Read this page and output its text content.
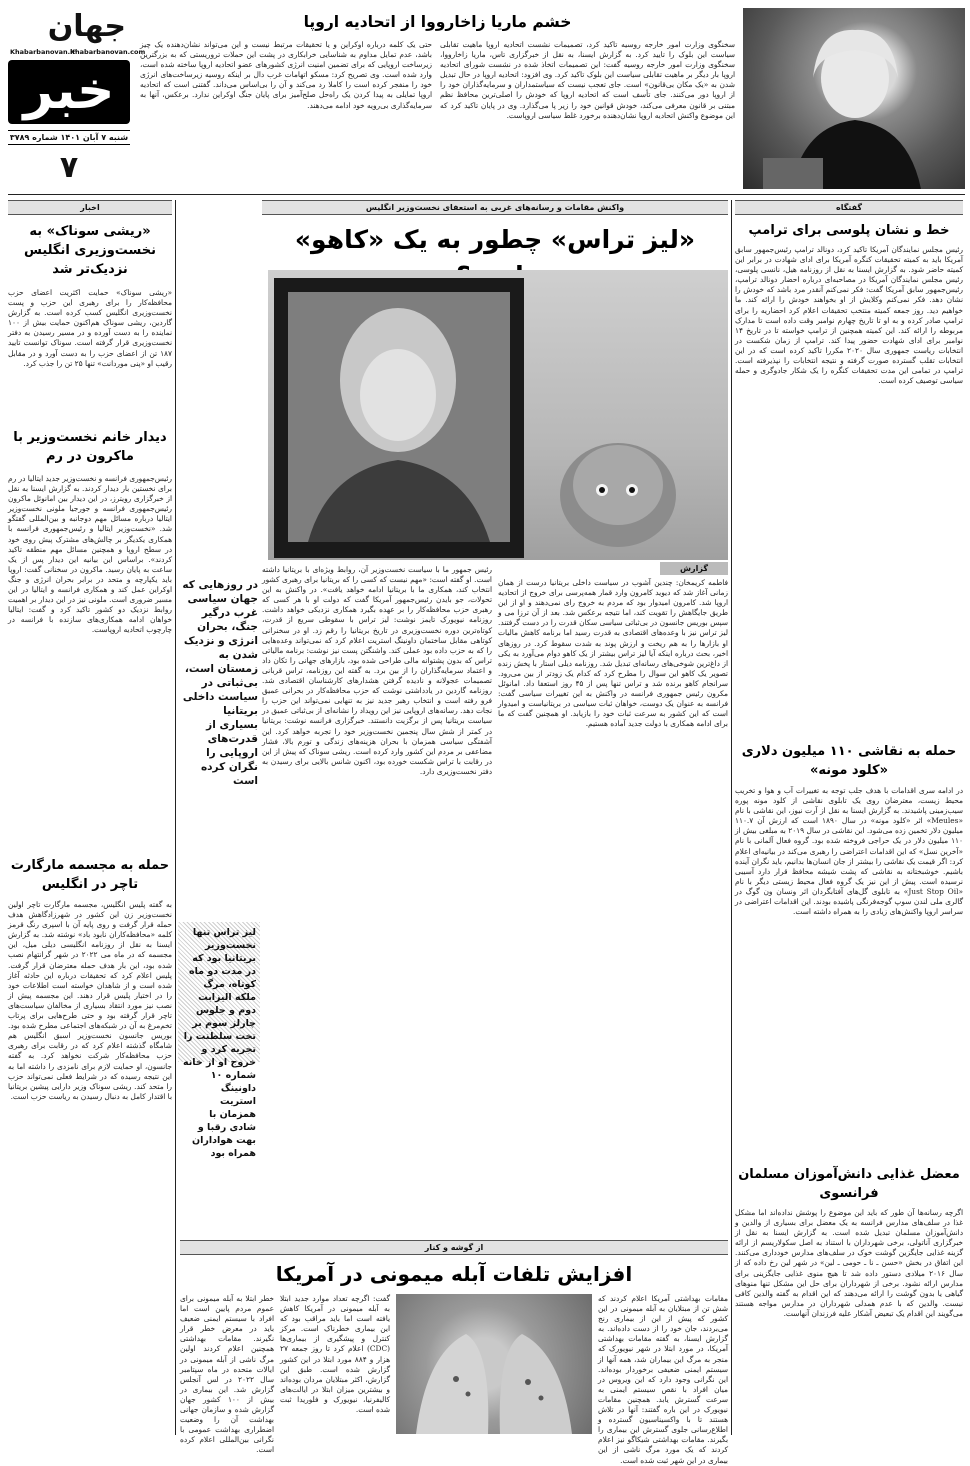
جهان
Khabarbanovan.ir
Khabarbanovan.com
خبر
شنبه ۷ آبان ۱۴۰۱ شماره ۳۷۸۹
۷
خشم ماریا زاخارووا از اتحادیه اروپا
سخنگوی وزارت امور خارجه روسیه تاکید کرد، تصمیمات نشست اتحادیه اروپا ماهیت تقابلی سیاست این بلوک را تایید کرد. به گزارش ایسنا، به نقل از خبرگزاری تاس، ماریا زاخارووا، سخنگوی وزارت امور خارجه روسیه گفت: این تصمیمات اتخاذ شده در نشست شورای اتحادیه اروپا بار دیگر بر ماهیت تقابلی سیاست این بلوک تاکید کرد. وی افزود: اتحادیه اروپا در حال تبدیل شدن به «یک مکان بی‌قانون» است. جای تعجب نیست که سیاستمداران و سرمایه‌گذاران خود را از اروپا دور می‌کنند. جای تأسف است که اتحادیه اروپا که خودش را اصلی‌ترین محافظ نظم مبتنی بر قانون معرفی می‌کند، خودش قوانین خود را زیر پا می‌گذارد. وی در پایان تاکید کرد که این موضوع واکنش اتحادیه اروپا نشان‌دهنده برخورد غلط سیاسی اروپاست.
حتی یک کلمه درباره اوکراین و یا تحقیقات مرتبط نیست و این می‌تواند نشان‌دهنده یک چیز باشد، عدم تمایل مداوم به شناسایی خرابکاری در پشت این حملات تروریستی که به بزرگترین زیرساخت اروپایی که برای تضمین امنیت انرژی کشورهای عضو اتحادیه اروپا ساخته شده است، وارد شده است. وی تصریح کرد: مسکو اتهامات غرب دال بر اینکه روسیه زیرساخت‌های انرژی خود را منفجر کرده است را کاملا رد می‌کند و آن را بی‌اساس می‌داند. گفتنی است که اتحادیه اروپا تمایلی به پیدا کردن یک راه‌حل صلح‌آمیز برای پایان جنگ اوکراین ندارد. برعکس، آنها به سرمایه‌گذاری بی‌رویه خود ادامه می‌دهند.
گفتگاه
خط و نشان پلوسی برای ترامپ
رئیس مجلس نمایندگان آمریکا تاکید کرد، دونالد ترامپ رئیس‌جمهور سابق آمریکا باید به کمیته تحقیقات کنگره آمریکا برای ادای شهادت در برابر این کمیته حاضر شود. به گزارش ایسنا به نقل از روزنامه هیل، نانسی پلوسی، رئیس مجلس نمایندگان آمریکا در مصاحبه‌ای درباره احضار دونالد ترامپ، رئیس‌جمهور سابق آمریکا گفت: فکر نمی‌کنم آنقدر مرد باشد که خودش را نشان دهد. فکر نمی‌کنم وکلایش از او بخواهند خودش را ارائه کند. ما خواهیم دید. روز جمعه کمیته منتخب تحقیقات اعلام کرد احضاریه را برای ترامپ صادر کرده و به او تا تاریخ چهارم نوامبر وقت داده است تا مدارک مربوطه را ارائه کند. این کمیته همچنین از ترامپ خواسته تا در تاریخ ۱۴ نوامبر برای ادای شهادت حضور پیدا کند. ترامپ از زمان شکست در انتخابات ریاست جمهوری سال ۲۰۲۰ مکررا تاکید کرده است که در این انتخابات تقلب گسترده صورت گرفته و نتیجه انتخابات را نپذیرفته است. ترامپ در تمامی این مدت تحقیقات کنگره را یک شکار جادوگری و حمله سیاسی توصیف کرده است.
حمله به نقاشی ۱۱۰ میلیون دلاری «کلود مونه»
در ادامه سری اقدامات با هدف جلب توجه به تغییرات آب و هوا و تخریب محیط زیست، معترضان روی یک تابلوی نقاشی از کلود مونه پوره سیب‌زمینی پاشیدند. به گزارش ایسنا به نقل از آرت نیوز، این نقاشی با نام «Meules» اثر «کلود مونه» در سال ۱۸۹۰ است که ارزش آن ۱۱۰.۷ میلیون دلار تخمین زده می‌شود. این نقاشی در سال ۲۰۱۹ به مبلغی بیش از ۱۱۰ میلیون دلار در یک حراجی فروخته شده بود. گروه فعال آلمانی با نام «آخرین نسل» که این اقدامات اعتراضی را رهبری می‌کند در بیانیه‌ای اعلام کرد: اگر قیمت یک نقاشی را بیشتر از جان انسان‌ها بدانیم، باید نگران آینده باشیم. خوشبختانه به نقاشی که پشت شیشه محافظ قرار دارد آسیبی نرسیده است. پیش از این نیز یک گروه فعال محیط زیستی دیگر با نام «Just Stop Oil» به تابلوی گل‌های آفتابگردان اثر ونسان ون گوگ در گالری ملی لندن سوپ گوجه‌فرنگی پاشیده بودند. این اقدامات اعتراضی در سراسر اروپا واکنش‌های زیادی را به همراه داشته است.
معضل غذایی دانش‌آموزان مسلمان فرانسوی
اگرچه رسانه‌ها آن طور که باید این موضوع را پوشش نداده‌اند اما مشکل غذا در سلف‌های مدارس فرانسه به یک معضل برای بسیاری از والدین و دانش‌آموزان مسلمان تبدیل شده است. به گزارش ایسنا به نقل از خبرگزاری آناتولی، برخی شهرداران با استناد به اصل سکولاریسم از ارائه گزینه غذایی جایگزین گوشت خوک در سلف‌های مدارس خودداری می‌کنند. این اتفاق در بخش «حسن ـ نا ـ حومی ـ لین» در شهر لین رخ داده که از سال ۲۰۱۶ میلادی دستور داده شد تا هیچ منوی غذایی جایگزینی برای مدارس ارائه نشود. برخی از شهرداران برای حل این مشکل تنها منوهای گیاهی یا بدون گوشت را ارائه می‌دهند که این اقدام به گفته والدین کافی نیست. والدین که با عدم همدلی شهرداران در مدارس مواجه هستند می‌گویند این اقدام یک تبعیض آشکار علیه فرزندان آنهاست.
واکنش مقامات و رسانه‌های غربی به استعفای نخست‌وزیر انگلیس
«لیز تراس» چطور به یک «کاهو»
گزارش
فاطمه کریمخان: چندین آشوب در سیاست داخلی بریتانیا درست از همان زمانی آغاز شد که دیوید کامرون وارد قمار همه‌پرسی برای خروج از اتحادیه اروپا شد. کامرون امیدوار بود که مردم به خروج رای نمی‌دهند و او از این طریق جایگاهش را تقویت کند، اما نتیجه برعکس شد. بعد از آن ترزا می و سپس بوریس جانسون در بی‌ثباتی سیاسی سکان قدرت را در دست گرفتند. لیز تراس نیز با وعده‌های اقتصادی به قدرت رسید اما برنامه کاهش مالیات او بازارها را به هم ریخت و ارزش پوند به شدت سقوط کرد. در روزهای اخیر، بحث درباره اینکه آیا لیز تراس بیشتر از یک کاهو دوام می‌آورد به یکی از داغ‌ترین شوخی‌های رسانه‌ای تبدیل شد. روزنامه دیلی استار با پخش زنده تصویر یک کاهو این سوال را مطرح کرد که کدام یک زودتر از بین می‌رود. سرانجام کاهو برنده شد و تراس تنها پس از ۴۵ روز استعفا داد. امانوئل مکرون رئیس جمهوری فرانسه در واکنش به این تغییرات سیاسی گفت: فرانسه به عنوان یک دوست، خواهان ثبات سیاسی در بریتانیاست و امیدوار است که این کشور به سرعت ثبات خود را بازیابد. او همچنین گفت که ما برای ادامه همکاری با دولت جدید آماده هستیم.
رئیس جمهور ما با سیاست نخست‌وزیر آن، روابط ویژه‌ای با بریتانیا داشته است. او گفته است: «مهم نیست که کسی را که بریتانیا برای رهبری کشور انتخاب کند، همکاری ما با بریتانیا ادامه خواهد یافت». در واکنش به این تحولات، جو بایدن رئیس‌جمهور آمریکا گفت که دولت او با هر کسی که رهبری حزب محافظه‌کار را بر عهده بگیرد همکاری نزدیکی خواهد داشت. روزنامه نیویورک تایمز نوشت: لیز تراس با سقوطی سریع از قدرت، کوتاه‌ترین دوره نخست‌وزیری در تاریخ بریتانیا را رقم زد. او در سخنرانی کوتاهی مقابل ساختمان داونینگ استریت اعلام کرد که نمی‌تواند وعده‌هایی را که به حزب داده بود عملی کند. واشنگتن پست نیز نوشت: برنامه مالیاتی تراس که بدون پشتوانه مالی طراحی شده بود، بازارهای جهانی را تکان داد و اعتماد سرمایه‌گذاران را از بین برد. به گفته این روزنامه، تراس قربانی تصمیمات عجولانه و نادیده گرفتن هشدارهای کارشناسان اقتصادی شد. روزنامه گاردین در یادداشتی نوشت که حزب محافظه‌کار در بحرانی عمیق فرو رفته است و انتخاب رهبر جدید نیز به تنهایی نمی‌تواند این حزب را نجات دهد. رسانه‌های اروپایی نیز این رویداد را نشانه‌ای از بی‌ثباتی عمیق در سیاست بریتانیا پس از برگزیت دانستند. خبرگزاری فرانسه نوشت: بریتانیا در کمتر از شش سال پنجمین نخست‌وزیر خود را تجربه خواهد کرد. این آشفتگی سیاسی همزمان با بحران هزینه‌های زندگی و تورم بالا، فشار مضاعفی بر مردم این کشور وارد کرده است. ریشی سوناک که پیش از این در رقابت با تراس شکست خورده بود، اکنون شانس بالایی برای رسیدن به دفتر نخست‌وزیری دارد.
در روزهایی که جهان سیاسی غرب درگیر جنگ، بحران انرژی و نزدیک شدن به زمستان است، بی‌ثباتی در سیاست داخلی بریتانیا بسیاری از قدرت‌های اروپایی را نگران کرده است
لیز تراس تنها نخست‌وزیر بریتانیا بود که در مدت دو ماه کوتاه، مرگ ملکه الیزابت دوم و جلوس چارلز سوم بر تخت سلطنت را تجربه کرد و خروج او از خانه شماره ۱۰ داونینگ استریت همزمان با شادی رقبا و بهت هواداران همراه بود
اخبار
«ریشی سوناک» به نخست‌وزیری انگلیس نزدیک‌تر شد
«ریشی سوناک» حمایت اکثریت اعضای حزب محافظه‌کار را برای رهبری این حزب و پست نخست‌وزیری انگلیس کسب کرده است. به گزارش گاردین، ریشی سوناک هم‌اکنون حمایت بیش از ۱۰۰ نماینده را به دست آورده و در مسیر رسیدن به دفتر نخست‌وزیری قرار گرفته است. سوناک توانست تایید ۱۸۷ تن از اعضای حزب را به دست آورد و در مقابل رقیب او «پنی موردانت» تنها ۲۵ تن را جذب کرد.
دیدار خانم نخست‌وزیر با ماکرون در رم
رئیس‌جمهوری فرانسه و نخست‌وزیر جدید ایتالیا در رم برای نخستین بار دیدار کردند. به گزارش ایسنا به نقل از خبرگزاری رویترز، در این دیدار بین امانوئل ماکرون رئیس‌جمهوری فرانسه و جورجیا ملونی نخست‌وزیر ایتالیا درباره مسائل مهم دوجانبه و بین‌المللی گفتگو شد. «نخست‌وزیر ایتالیا و رئیس‌جمهوری فرانسه با همکاری یکدیگر بر چالش‌های مشترک پیش روی خود در سطح اروپا و همچنین مسائل مهم منطقه تاکید کردند». براساس این بیانیه این دیدار پس از یک ساعت به پایان رسید. ماکرون در سخنانی گفت: اروپا باید یکپارچه و متحد در برابر بحران انرژی و جنگ اوکراین عمل کند و همکاری فرانسه و ایتالیا در این مسیر ضروری است. ملونی نیز در این دیدار بر اهمیت روابط نزدیک دو کشور تاکید کرد و گفت: ایتالیا خواهان ادامه همکاری‌های سازنده با فرانسه در چارچوب اتحادیه اروپاست.
حمله به مجسمه مارگارت تاچر در انگلیس
به گفته پلیس انگلیس، مجسمه مارگارت تاچر اولین نخست‌وزیر زن این کشور در شهرزادگاهش هدف حمله قرار گرفت و روی پایه آن با اسپری رنگ قرمز کلمه «محافظه‌کاران نابود باد» نوشته شد. به گزارش ایسنا به نقل از روزنامه انگلیسی دیلی میل، این مجسمه که در ماه می ۲۰۲۲ در شهر گرانتهام نصب شده بود، این بار هدف حمله معترضان قرار گرفت. پلیس اعلام کرد که تحقیقات درباره این حادثه آغاز شده است و از شاهدان خواسته است اطلاعات خود را در اختیار پلیس قرار دهند. این مجسمه پیش از نصب نیز مورد انتقاد بسیاری از مخالفان سیاست‌های تاچر قرار گرفته بود و حتی طرح‌هایی برای پرتاب تخم‌مرغ به آن در شبکه‌های اجتماعی مطرح شده بود. بوریس جانسون نخست‌وزیر اسبق انگلیس هم شامگاه گذشته اعلام کرد که در رقابت برای رهبری حزب محافظه‌کار شرکت نخواهد کرد. به گفته جانسون، او حمایت لازم برای نامزدی را داشته اما به این نتیجه رسیده که در شرایط فعلی نمی‌تواند حزب را متحد کند. ریشی سوناک وزیر دارایی پیشین بریتانیا با اقتدار کامل به دنبال رسیدن به ریاست حزب است.
از گوشه و کنار
افزایش تلفات آبله میمونی در آمریکا
مقامات بهداشتی آمریکا اعلام کردند که شش تن از مبتلایان به آبله میمونی در این کشور که پیش از این از بیماری رنج می‌بردند، جان خود را از دست داده‌اند. به گزارش ایسنا، به گفته مقامات بهداشتی آمریکا، در مورد ابتلا در شهر نیویورک که منجر به مرگ این بیماران شد، همه آنها از سیستم ایمنی ضعیفی برخوردار بوده‌اند. این نگرانی وجود دارد که این ویروس در میان افراد با نقص سیستم ایمنی به سرعت گسترش یابد. همچنین مقامات نیویورک در این باره گفتند: آنها در تلاش هستند تا با واکسیناسیون گسترده و اطلاع‌رسانی جلوی گسترش این بیماری را بگیرند. مقامات بهداشتی شیکاگو نیز اعلام کردند که یک مورد مرگ ناشی از این بیماری در این شهر ثبت شده است.
گفت: اگرچه تعداد موارد جدید ابتلا به آبله میمونی در آمریکا کاهش یافته است اما باید مراقب بود که این بیماری خطرناک است. مرکز کنترل و پیشگیری از بیماری‌ها (CDC) اعلام کرد تا روز جمعه ۲۷ هزار و ۸۸۴ مورد ابتلا در این کشور گزارش شده است. طبق این گزارش، اکثر مبتلایان مردان بوده‌اند و بیشترین میزان ابتلا در ایالت‌های کالیفرنیا، نیویورک و فلوریدا ثبت شده است.
خطر ابتلا به آبله میمونی برای عموم مردم پایین است اما افراد با سیستم ایمنی ضعیف باید در معرض خطر قرار نگیرند. مقامات بهداشتی همچنین اعلام کردند اولین مرگ ناشی از آبله میمونی در ایالات متحده در ماه سپتامبر سال ۲۰۲۲ در لس آنجلس گزارش شد. این بیماری در بیش از ۱۰۰ کشور جهان گزارش شده و سازمان جهانی بهداشت آن را وضعیت اضطراری بهداشت عمومی با نگرانی بین‌المللی اعلام کرده است.
